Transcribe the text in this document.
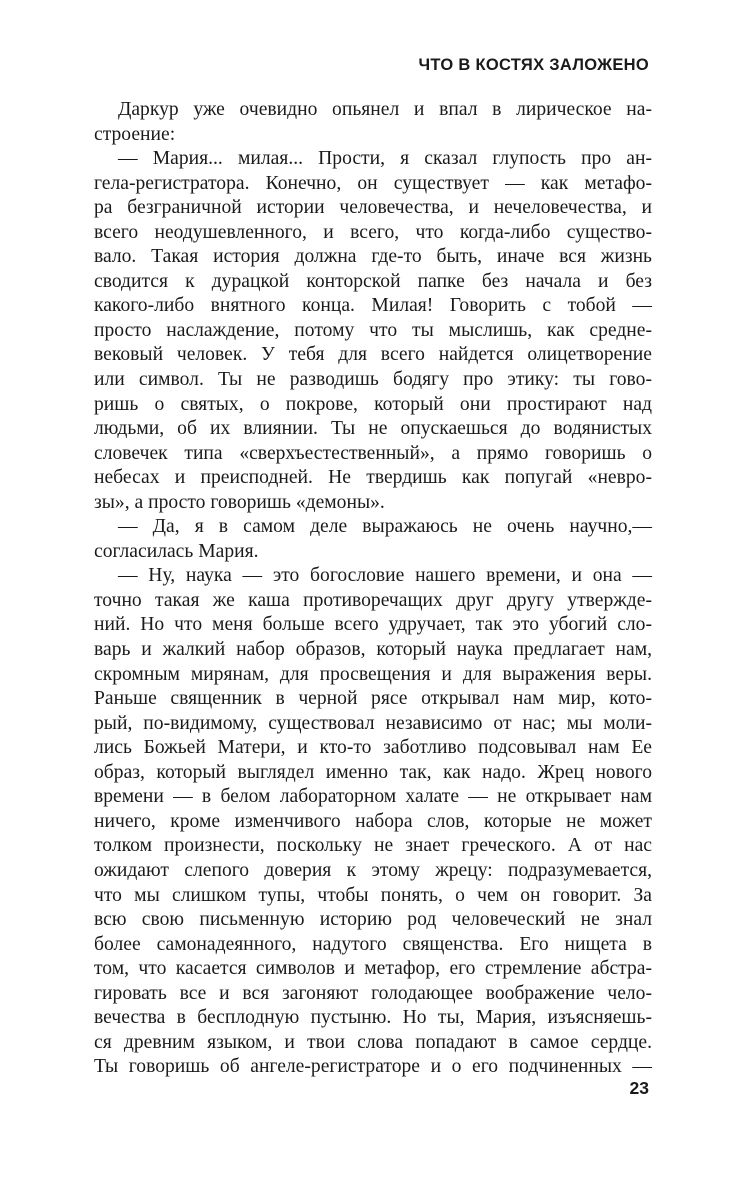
ЧТО В КОСТЯХ ЗАЛОЖЕНО
Даркур уже очевидно опьянел и впал в лирическое на-
строение:
— Мария... милая... Прости, я сказал глупость про ан-
гела-регистратора. Конечно, он существует — как метафо-
ра безграничной истории человечества, и нечеловечества, и
всего неодушевленного, и всего, что когда-либо существо-
вало. Такая история должна где-то быть, иначе вся жизнь
сводится к дурацкой конторской папке без начала и без
какого-либо внятного конца. Милая! Говорить с тобой —
просто наслаждение, потому что ты мыслишь, как средне-
вековый человек. У тебя для всего найдется олицетворение
или символ. Ты не разводишь бодягу про этику: ты гово-
ришь о святых, о покрове, который они простирают над
людьми, об их влиянии. Ты не опускаешься до водянистых
словечек типа «сверхъестественный», а прямо говоришь о
небесах и преисподней. Не твердишь как попугай «невро-
зы», а просто говоришь «демоны».
— Да, я в самом деле выражаюсь не очень научно,—
согласилась Мария.
— Ну, наука — это богословие нашего времени, и она —
точно такая же каша противоречащих друг другу утвержде-
ний. Но что меня больше всего удручает, так это убогий сло-
варь и жалкий набор образов, который наука предлагает нам,
скромным мирянам, для просвещения и для выражения веры.
Раньше священник в черной рясе открывал нам мир, кото-
рый, по-видимому, существовал независимо от нас; мы моли-
лись Божьей Матери, и кто-то заботливо подсовывал нам Ее
образ, который выглядел именно так, как надо. Жрец нового
времени — в белом лабораторном халате — не открывает нам
ничего, кроме изменчивого набора слов, которые не может
толком произнести, поскольку не знает греческого. А от нас
ожидают слепого доверия к этому жрецу: подразумевается,
что мы слишком тупы, чтобы понять, о чем он говорит. За
всю свою письменную историю род человеческий не знал
более самонадеянного, надутого священства. Его нищета в
том, что касается символов и метафор, его стремление абстра-
гировать все и вся загоняют голодающее воображение чело-
вечества в бесплодную пустыню. Но ты, Мария, изъясняешь-
ся древним языком, и твои слова попадают в самое сердце.
Ты говоришь об ангеле-регистраторе и о его подчиненных —
23
